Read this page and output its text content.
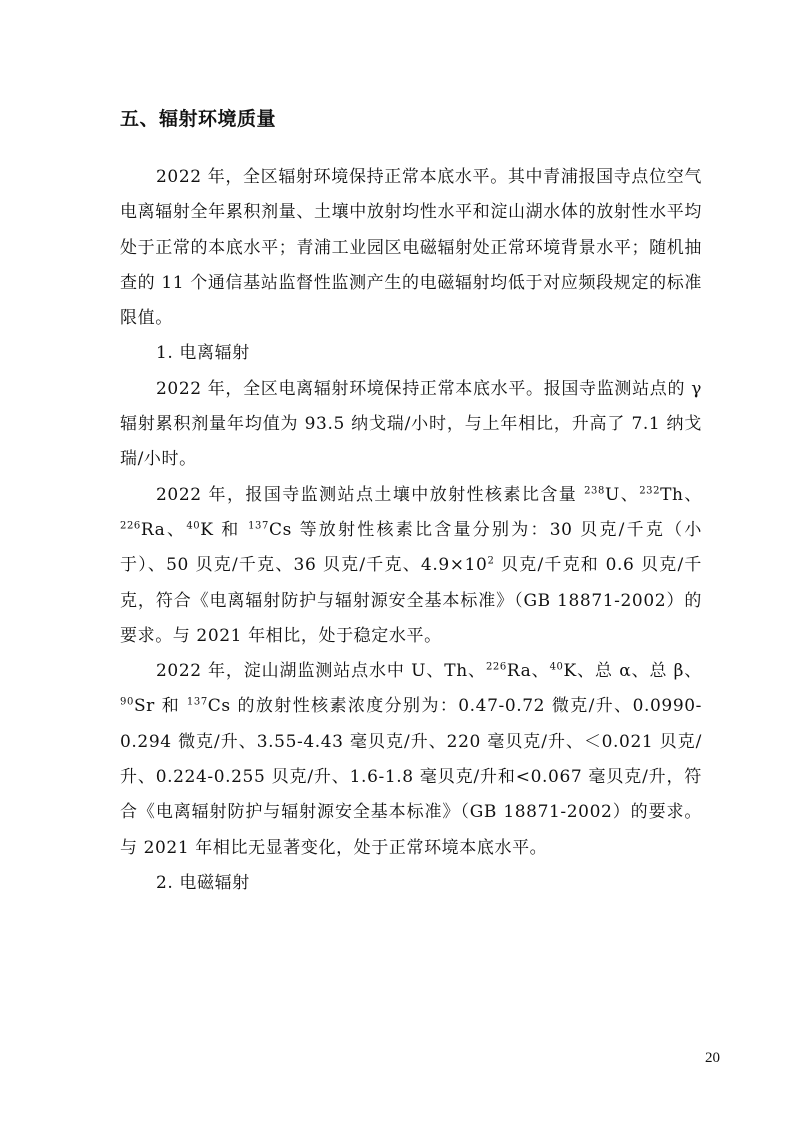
五、辐射环境质量

2022 年，全区辐射环境保持正常本底水平。其中青浦报国寺点位空气电离辐射全年累积剂量、土壤中放射均性水平和淀山湖水体的放射性水平均处于正常的本底水平；青浦工业园区电磁辐射处正常环境背景水平；随机抽查的 11 个通信基站监督性监测产生的电磁辐射均低于对应频段规定的标准限值。

1. 电离辐射

2022 年，全区电离辐射环境保持正常本底水平。报国寺监测站点的 γ 辐射累积剂量年均值为 93.5 纳戈瑞/小时，与上年相比，升高了 7.1 纳戈瑞/小时。

2022 年，报国寺监测站点土壤中放射性核素比含量 $^{238}$U、$^{232}$Th、$^{226}$Ra、$^{40}$K 和 $^{137}$Cs 等放射性核素比含量分别为：30 贝克/千克（小于）、50 贝克/千克、36 贝克/千克、$4.9\times 10^2$ 贝克/千克和 0.6 贝克/千克，符合《电离辐射防护与辐射源安全基本标准》（GB 18871-2002）的要求。与 2021 年相比，处于稳定水平。

2022 年，淀山湖监测站点水中 U、Th、$^{226}$Ra、$^{40}$K、总 α、总 β、$^{90}$Sr 和 $^{137}$Cs 的放射性核素浓度分别为：0.47-0.72 微克/升、0.0990-0.294 微克/升、3.55-4.43 毫贝克/升、220 毫贝克/升、＜0.021 贝克/升、0.224-0.255 贝克/升、1.6-1.8 毫贝克/升和<0.067 毫贝克/升，符合《电离辐射防护与辐射源安全基本标准》（GB 18871-2002）的要求。与 2021 年相比无显著变化，处于正常环境本底水平。

2. 电磁辐射

20
